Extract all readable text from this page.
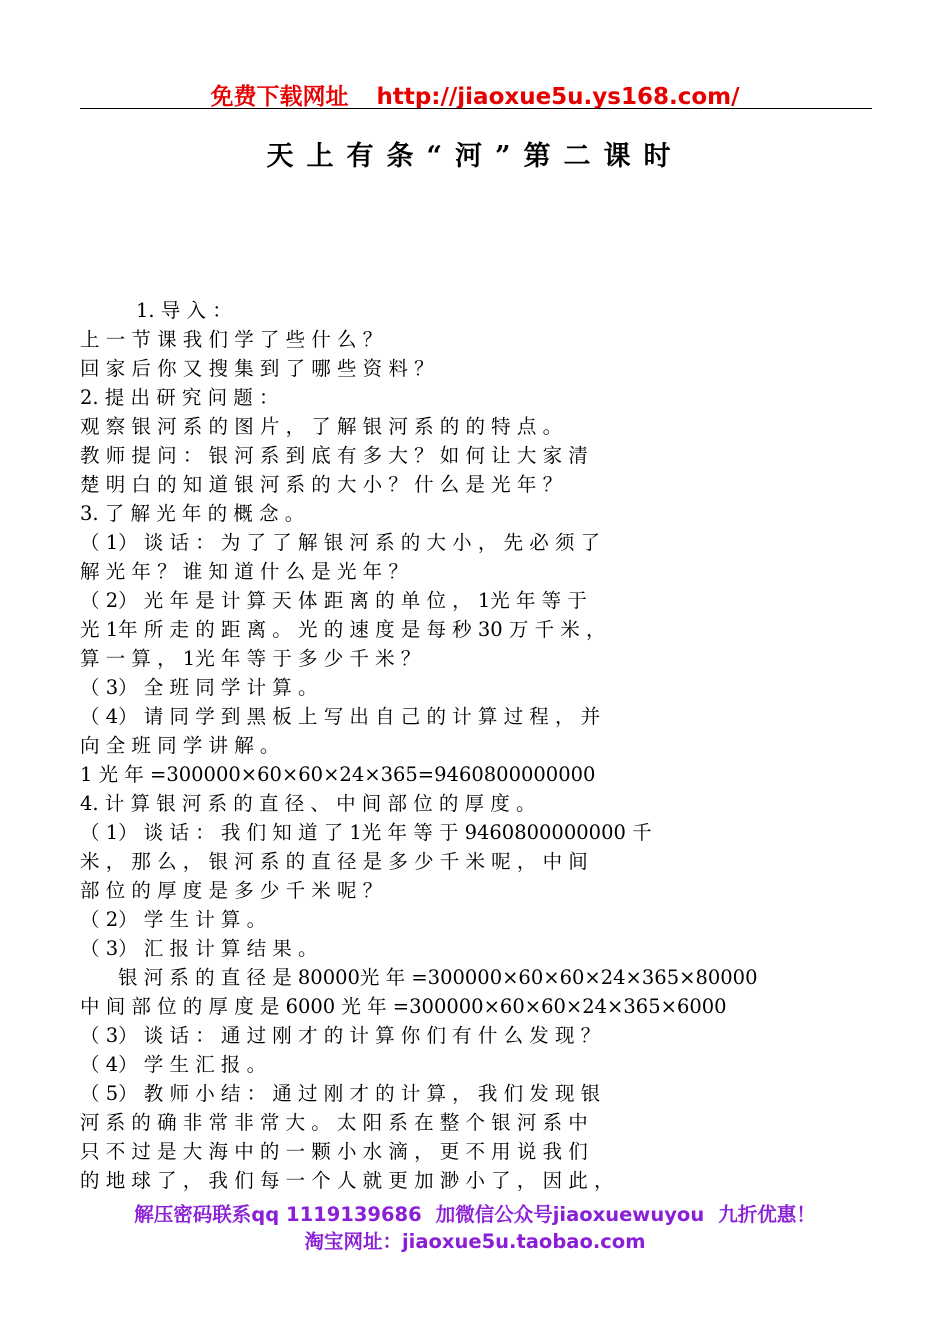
免费下载网址 http://jiaoxue5u.ys168.com/
天上有条“河”第二课时
1. 导 入 ：
上 一 节 课 我 们 学 了 些 什 么 ？
回 家 后 你 又 搜 集 到 了 哪 些 资 料 ？
2. 提 出 研 究 问 题 ：
观 察 银 河 系 的 图 片 ， 了 解 银 河 系 的 的 特 点 。
教 师 提 问 ： 银 河 系 到 底 有 多 大 ？ 如 何 让 大 家 清
楚 明 白 的 知 道 银 河 系 的 大 小 ？ 什 么 是 光 年 ？
3. 了 解 光 年 的 概 念 。
（ 1） 谈 话 ： 为 了 了 解 银 河 系 的 大 小 ， 先 必 须 了
解 光 年 ？ 谁 知 道 什 么 是 光 年 ？
（ 2） 光 年 是 计 算 天 体 距 离 的 单 位 ， 1光 年 等 于
光 1年 所 走 的 距 离 。 光 的 速 度 是 每 秒 30 万 千 米 ，
算 一 算 ， 1光 年 等 于 多 少 千 米 ？
（ 3） 全 班 同 学 计 算 。
（ 4） 请 同 学 到 黑 板 上 写 出 自 己 的 计 算 过 程 ， 并
向 全 班 同 学 讲 解 。
1 光 年 =300000×60×60×24×365=9460800000000
4. 计 算 银 河 系 的 直 径 、 中 间 部 位 的 厚 度 。
（ 1） 谈 话 ： 我 们 知 道 了 1光 年 等 于 9460800000000 千
米 ， 那 么 ， 银 河 系 的 直 径 是 多 少 千 米 呢 ， 中 间
部 位 的 厚 度 是 多 少 千 米 呢 ？
（ 2） 学 生 计 算 。
（ 3） 汇 报 计 算 结 果 。
银 河 系 的 直 径 是 80000光 年 =300000×60×60×24×365×80000
中 间 部 位 的 厚 度 是 6000 光 年 =300000×60×60×24×365×6000
（ 3） 谈 话 ： 通 过 刚 才 的 计 算 你 们 有 什 么 发 现 ？
（ 4） 学 生 汇 报 。
（ 5） 教 师 小 结 ： 通 过 刚 才 的 计 算 ， 我 们 发 现 银
河 系 的 确 非 常 非 常 大 。 太 阳 系 在 整 个 银 河 系 中
只 不 过 是 大 海 中 的 一 颗 小 水 滴 ， 更 不 用 说 我 们
的 地 球 了 ， 我 们 每 一 个 人 就 更 加 渺 小 了 ， 因 此 ，
解压密码联系qq 1119139686 加微信公众号jiaoxuewuyou 九折优惠！
淘宝网址：jiaoxue5u.taobao.com
